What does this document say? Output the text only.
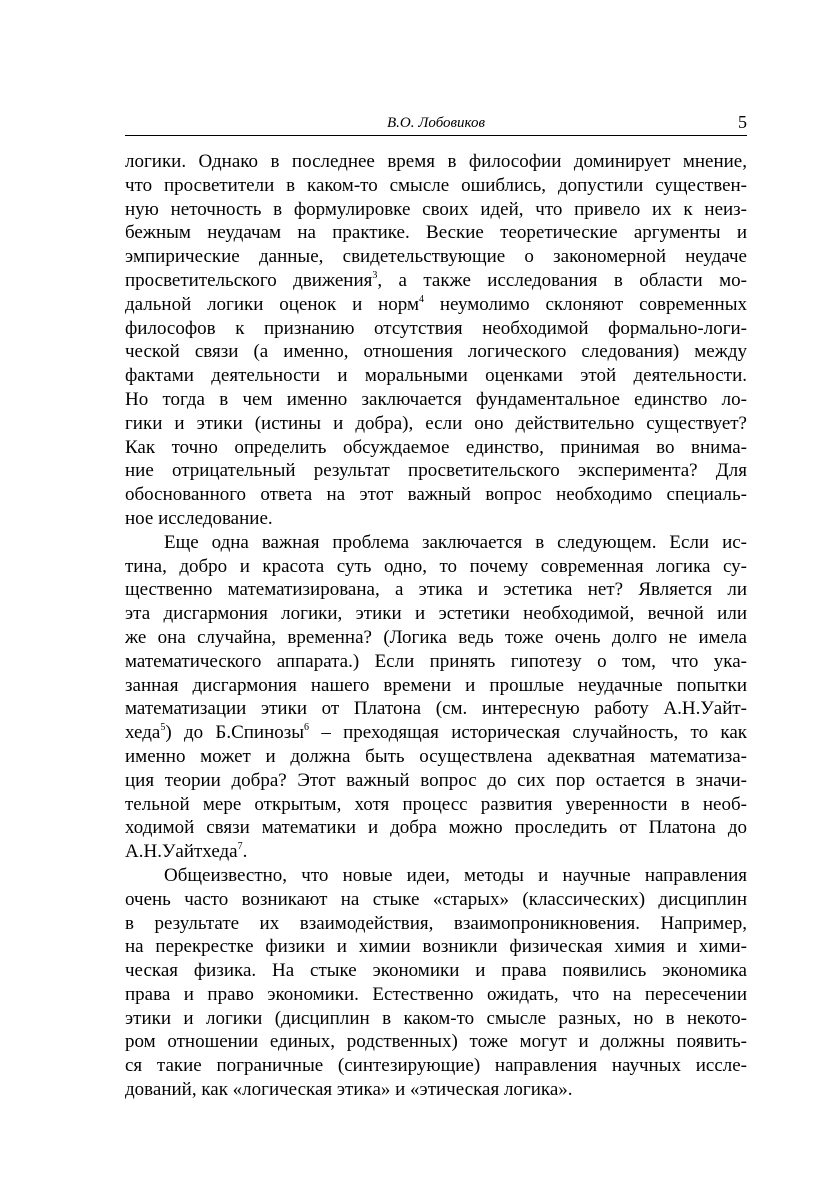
В.О. Лобовиков	5
логики. Однако в последнее время в философии доминирует мнение,
что просветители в каком-то смысле ошиблись, допустили существен-
ную неточность в формулировке своих идей, что привело их к неиз-
бежным неудачам на практике. Веские теоретические аргументы и
эмпирические данные, свидетельствующие о закономерной неудаче
просветительского движения$^3$, а также исследования в области мо-
дальной логики оценок и норм$^4$ неумолимо склоняют современных
философов к признанию отсутствия необходимой формально-логи-
ческой связи (а именно, отношения логического следования) между
фактами деятельности и моральными оценками этой деятельности.
Но тогда в чем именно заключается фундаментальное единство ло-
гики и этики (истины и добра), если оно действительно существует?
Как точно определить обсуждаемое единство, принимая во внима-
ние отрицательный результат просветительского эксперимента? Для
обоснованного ответа на этот важный вопрос необходимо специаль-
ное исследование.
Еще одна важная проблема заключается в следующем. Если ис-
тина, добро и красота суть одно, то почему современная логика су-
щественно математизирована, а этика и эстетика нет? Является ли
эта дисгармония логики, этики и эстетики необходимой, вечной или
же она случайна, временна? (Логика ведь тоже очень долго не имела
математического аппарата.) Если принять гипотезу о том, что ука-
занная дисгармония нашего времени и прошлые неудачные попытки
математизации этики от Платона (см. интересную работу А.Н.Уайт-
хеда$^5$) до Б.Спинозы$^6$ – преходящая историческая случайность, то как
именно может и должна быть осуществлена адекватная математиза-
ция теории добра? Этот важный вопрос до сих пор остается в значи-
тельной мере открытым, хотя процесс развития уверенности в необ-
ходимой связи математики и добра можно проследить от Платона до
А.Н.Уайтхеда$^7$.
Общеизвестно, что новые идеи, методы и научные направления
очень часто возникают на стыке «старых» (классических) дисциплин
в результате их взаимодействия, взаимопроникновения. Например,
на перекрестке физики и химии возникли физическая химия и хими-
ческая физика. На стыке экономики и права появились экономика
права и право экономики. Естественно ожидать, что на пересечении
этики и логики (дисциплин в каком-то смысле разных, но в некото-
ром отношении единых, родственных) тоже могут и должны появить-
ся такие пограничные (синтезирующие) направления научных иссле-
дований, как «логическая этика» и «этическая логика».
